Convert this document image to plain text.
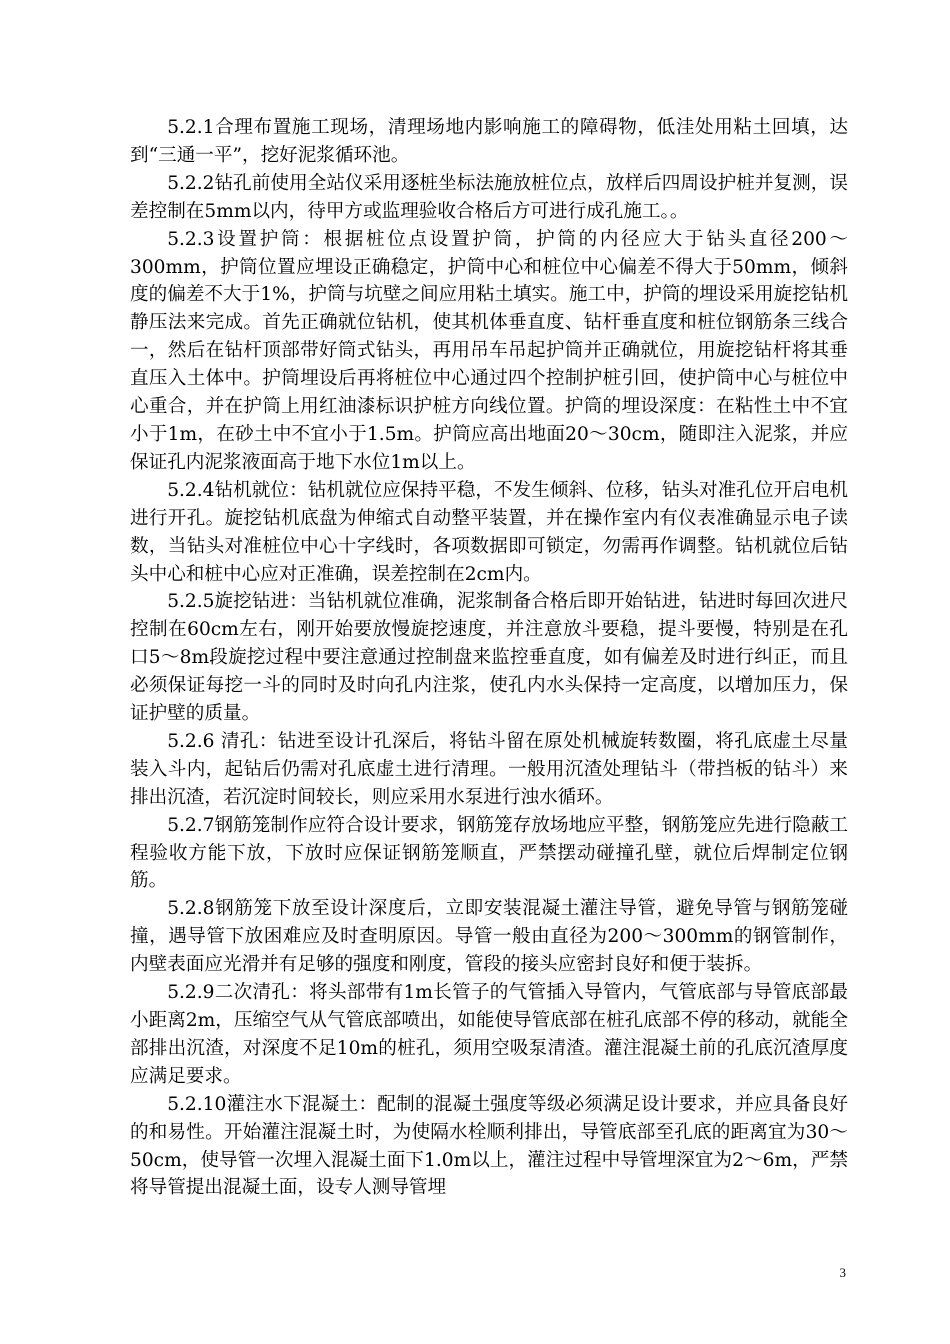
5.2.1合理布置施工现场，清理场地内影响施工的障碍物，低洼处用粘土回填，达到“三通一平”，挖好泥浆循环池。

5.2.2钻孔前使用全站仪采用逐桩坐标法施放桩位点，放样后四周设护桩并复测，误差控制在5mm以内，待甲方或监理验收合格后方可进行成孔施工。。

5.2.3设置护筒：根据桩位点设置护筒，护筒的内径应大于钻头直径200～300mm，护筒位置应埋设正确稳定，护筒中心和桩位中心偏差不得大于50mm，倾斜度的偏差不大于1%，护筒与坑壁之间应用粘土填实。施工中，护筒的埋设采用旋挖钻机静压法来完成。首先正确就位钻机，使其机体垂直度、钻杆垂直度和桩位钢筋条三线合一，然后在钻杆顶部带好筒式钻头，再用吊车吊起护筒并正确就位，用旋挖钻杆将其垂直压入土体中。护筒埋设后再将桩位中心通过四个控制护桩引回，使护筒中心与桩位中心重合，并在护筒上用红油漆标识护桩方向线位置。护筒的埋设深度：在粘性土中不宜小于1m，在砂土中不宜小于1.5m。护筒应高出地面20～30cm，随即注入泥浆，并应保证孔内泥浆液面高于地下水位1m以上。

5.2.4钻机就位：钻机就位应保持平稳，不发生倾斜、位移，钻头对准孔位开启电机进行开孔。旋挖钻机底盘为伸缩式自动整平装置，并在操作室内有仪表准确显示电子读数，当钻头对准桩位中心十字线时，各项数据即可锁定，勿需再作调整。钻机就位后钻头中心和桩中心应对正准确，误差控制在2cm内。

5.2.5旋挖钻进：当钻机就位准确，泥浆制备合格后即开始钻进，钻进时每回次进尺控制在60cm左右，刚开始要放慢旋挖速度，并注意放斗要稳，提斗要慢，特别是在孔口5～8m段旋挖过程中要注意通过控制盘来监控垂直度，如有偏差及时进行纠正，而且必须保证每挖一斗的同时及时向孔内注浆，使孔内水头保持一定高度，以增加压力，保证护壁的质量。

5.2.6 清孔：钻进至设计孔深后，将钻斗留在原处机械旋转数圈，将孔底虚土尽量装入斗内，起钻后仍需对孔底虚土进行清理。一般用沉渣处理钻斗（带挡板的钻斗）来排出沉渣，若沉淀时间较长，则应采用水泵进行浊水循环。

5.2.7钢筋笼制作应符合设计要求，钢筋笼存放场地应平整，钢筋笼应先进行隐蔽工程验收方能下放，下放时应保证钢筋笼顺直，严禁摆动碰撞孔壁，就位后焊制定位钢筋。

5.2.8钢筋笼下放至设计深度后，立即安装混凝土灌注导管，避免导管与钢筋笼碰撞，遇导管下放困难应及时查明原因。导管一般由直径为200～300mm的钢管制作，内壁表面应光滑并有足够的强度和刚度，管段的接头应密封良好和便于装拆。

5.2.9二次清孔：将头部带有1m长管子的气管插入导管内，气管底部与导管底部最小距离2m，压缩空气从气管底部喷出，如能使导管底部在桩孔底部不停的移动，就能全部排出沉渣，对深度不足10m的桩孔，须用空吸泵清渣。灌注混凝土前的孔底沉渣厚度应满足要求。

5.2.10灌注水下混凝土：配制的混凝土强度等级必须满足设计要求，并应具备良好的和易性。开始灌注混凝土时，为使隔水栓顺利排出，导管底部至孔底的距离宜为30～50cm，使导管一次埋入混凝土面下1.0m以上，灌注过程中导管埋深宜为2～6m，严禁将导管提出混凝土面，设专人测导管埋

3
